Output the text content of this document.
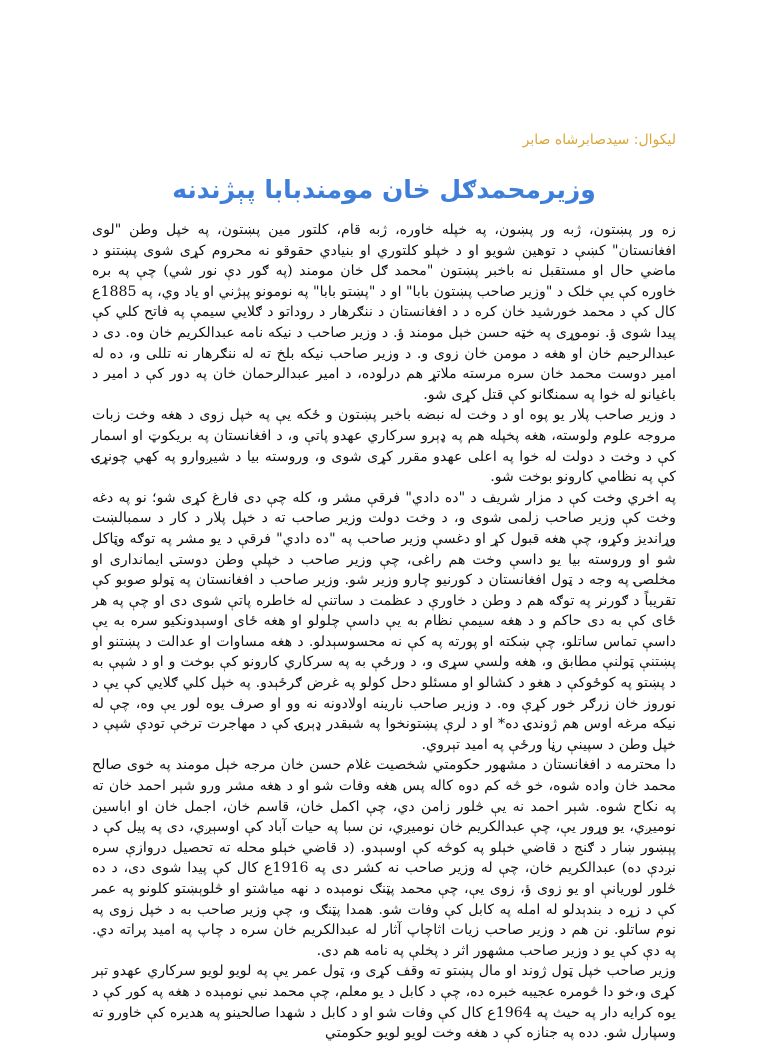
ليكوال: سيدصابرشاه صابر

وزيرمحمدګل خان مومندبابا پېژندنه

زه ور پښتون، ژبه ور پښون، په خپله خاوره، ژبه قام، کلتور مين پښتون، په خپل وطن "لوی افغانستان" کښې د توهين شويو او د خپلو کلتوري او بنيادي حقوقو نه محروم کړی شوی پښتنو د ماضي حال او مستقبل نه باخبر پښتون "محمد ګل خان مومند (په ګور دې نور شي) چې په بره خاوره کې يې خلک د "وزير صاحب پښتون بابا" او د "پښتو بابا" په نومونو پېژني او ياد وي، په 1885ع کال کې د محمد خورشيد خان کره د د افغانستان د ننګرهار د روداتو د ګلايي سيمې په فاتح کلي کې پيدا شوی ؤ. نوموړی په خټه حسن خېل مومند ؤ. د وزير صاحب د نيکه نامه عبدالکريم خان وه. دی د عبدالرحيم خان او هغه د مومن خان زوی و. د وزير صاحب نيکه بلخ ته له ننګرهار نه تللی و، ده له امير دوست محمد خان سره مرسته ملاتړ هم درلوده، د امير عبدالرحمان خان په دور کې د امير د باغيانو له خوا په سمنګانو کې قتل کړی شو.

د وزير صاحب پلار يو پوه او د وخت له نبضه باخبر پښتون و ځکه يې په خپل زوی د هغه وخت زبات مروجه علوم ولوسته، هغه پخپله هم په ډېرو سرکاري عهدو پاتې و، د افغانستان په بريکوټ او اسمار کې د وخت د دولت له خوا په اعلی عهدو مقرر کړی شوی و، وروسته بيا د شيږوارو په کهي چونړۍ کې په نظامي کارونو بوخت شو.

په اخري وخت کې د مزار شريف د "ده دادي" فرقې مشر و، کله چې دی فارغ کړی شو؛ نو په دغه وخت کې وزير صاحب زلمی شوی و، د وخت دولت وزير صاحب ته د خپل پلار د کار د سمبالښت وړانديز وکړو، چې هغه قبول کړ او دغسې وزير صاحب په "ده دادي" فرقې د يو مشر په توګه وټاکل شو او وروسته بيا يو داسې وخت هم راغی، چې وزير صاحب د خپلې وطن دوستۍ ايمانداری او مخلصۍ په وجه د ټول افغانستان د کورنيو چارو وزير شو. وزير صاحب د افغانستان په ټولو صوبو کې تقريباً د ګورنر په توګه هم د وطن د خاورې د عظمت د ساتنې له خاطره پاتې شوی دی او چې په هر ځای کې به دی حاکم و د هغه سيمې نظام به يې داسې چلولو او هغه ځای اوسېدونکيو سره به يې داسې تماس ساتلو، چې ښکته او پورته په کې نه محسوسېدلو. د هغه مساوات او عدالت د پښتنو او پښتنې ټولنې مطابق و، هغه ولسي سړی و، د ورځې به په سرکاري کارونو کې بوخت و او د شپې به د پښتو په کوځوکې د هغو د کشالو او مسئلو دحل کولو په غرض ګرځېدو. په خپل کلي ګلايي کې يې د نوروز خان زرګر خور کړې وه. د وزير صاحب نارينه اولادونه نه وو او صرف يوه لور يې وه، چې له نيکه مرغه اوس هم ژوندۍ ده* او د لرې پښتونخوا په شبقدر ډېرۍ کې د مهاجرت ترخې تودې شپې د خپل وطن د سپينې رڼا ورځې په اميد تېروي.

دا محترمه د افغانستان د مشهور حکومتي شخصيت غلام حسن خان مرجه خېل مومند په خوی صالح محمد خان واده شوه، خو څه کم دوه کاله پس هغه وفات شو او د هغه مشر ورو شېر احمد خان ته په نکاح شوه. شېر احمد نه يې څلور زامن دي، چې اکمل خان، قاسم خان، اجمل خان او اباسين نوميږي، يو وړور يې، چې عبدالکريم خان نوميږي، نن سبا په حيات آباد کې اوسېږي، دی په پيل کې د پېښور ښار د ګنج د قاضي خېلو په کوڅه کې اوسېدو. (د قاضي خېلو محله ته تحصيل دروازې سره نږدې ده) عبدالکريم خان، چې له وزير صاحب نه کشر دی په 1916ع کال کې پيدا شوی دی، د ده څلور لوريانې او يو زوی ؤ، زوی يې، چې محمد پټنګ نومېده د نهه مياشتو او څلوېښتو کلونو په عمر کې د زړه د بندېدلو له امله په کابل کې وفات شو. همدا پټنګ و، چې وزير صاحب به د خپل زوی په نوم ساتلو. نن هم د وزير صاحب زيات اثاچاپ آثار له عبدالکريم خان سره د چاپ په اميد پراته دي. په دې کې يو د وزير صاحب مشهور اثر د پخلې په نامه هم دی.

وزير صاحب خپل ټول ژوند او مال پښتو ته وقف کړی و، ټول عمر يې په لويو لويو سرکاري عهدو تېر کړی و،خو دا څومره عجيبه خبره ده، چې د کابل د يو معلم، چې محمد نبي نومېده د هغه په کور کې د يوه کرايه دار په حيث په 1964ع کال کې وفات شو او د کابل د شهدا صالحينو په هديره کې خاورو ته وسپارل شو. دده په جنازه کې د هغه وخت لويو لويو حکومتي
